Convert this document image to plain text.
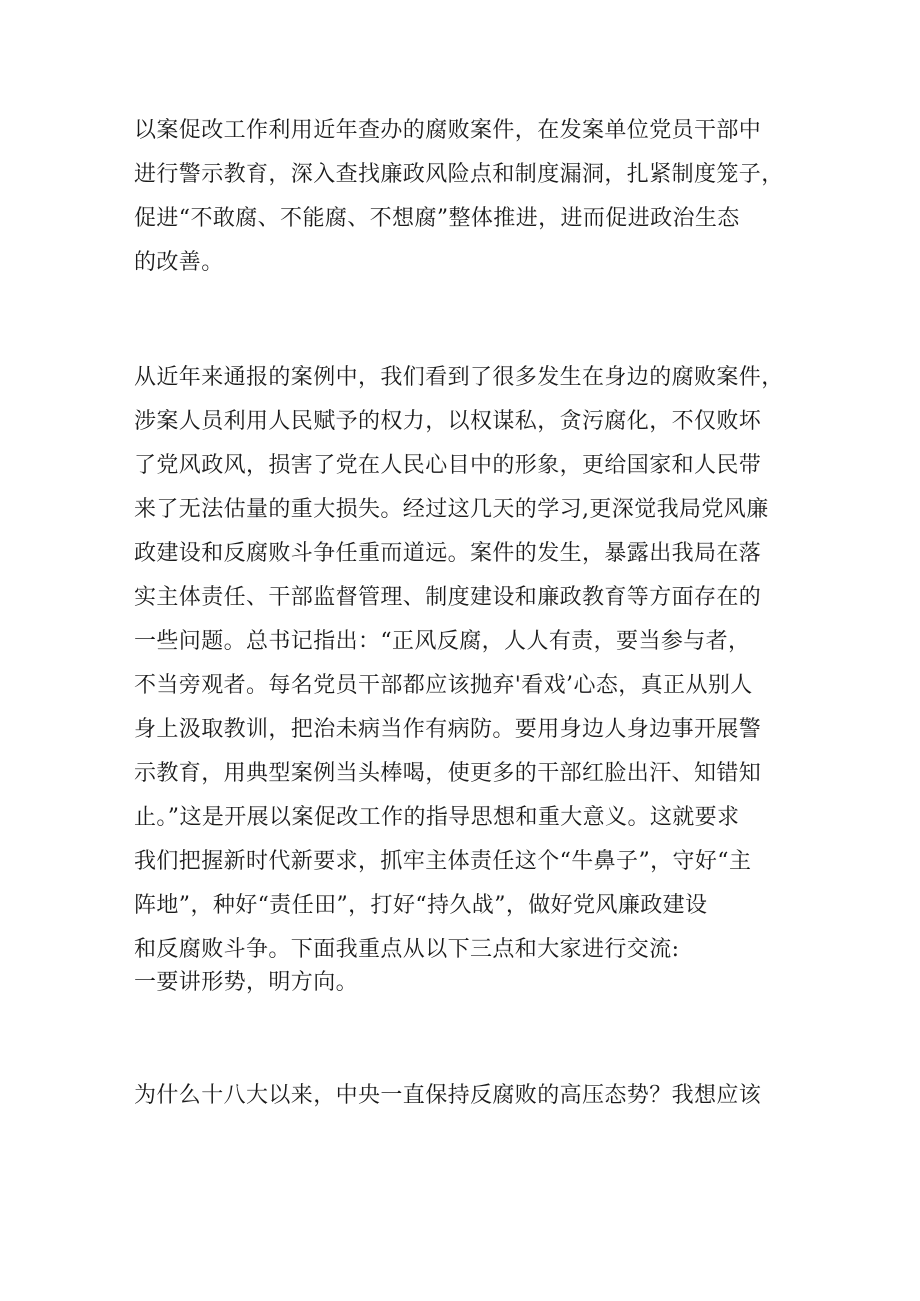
以案促改工作利用近年查办的腐败案件，在发案单位党员干部中

进行警示教育，深入查找廉政风险点和制度漏洞，扎紧制度笼子，

促进“不敢腐、不能腐、不想腐”整体推进，进而促进政治生态

的改善。

从近年来通报的案例中，我们看到了很多发生在身边的腐败案件，

涉案人员利用人民赋予的权力，以权谋私，贪污腐化，不仅败坏

了党风政风，损害了党在人民心目中的形象，更给国家和人民带

来了无法估量的重大损失。经过这几天的学习,更深觉我局党风廉

政建设和反腐败斗争任重而道远。案件的发生，暴露出我局在落

实主体责任、干部监督管理、制度建设和廉政教育等方面存在的

一些问题。总书记指出：“正风反腐，人人有责，要当参与者，

不当旁观者。每名党员干部都应该抛弃'看戏’心态，真正从别人

身上汲取教训，把治未病当作有病防。要用身边人身边事开展警

示教育，用典型案例当头棒喝，使更多的干部红脸出汗、知错知

止。”这是开展以案促改工作的指导思想和重大意义。这就要求

我们把握新时代新要求，抓牢主体责任这个“牛鼻子”，守好“主

阵地”，种好“责任田”，打好“持久战”，做好党风廉政建设

和反腐败斗争。下面我重点从以下三点和大家进行交流:

一要讲形势，明方向。

为什么十八大以来，中央一直保持反腐败的高压态势？我想应该
